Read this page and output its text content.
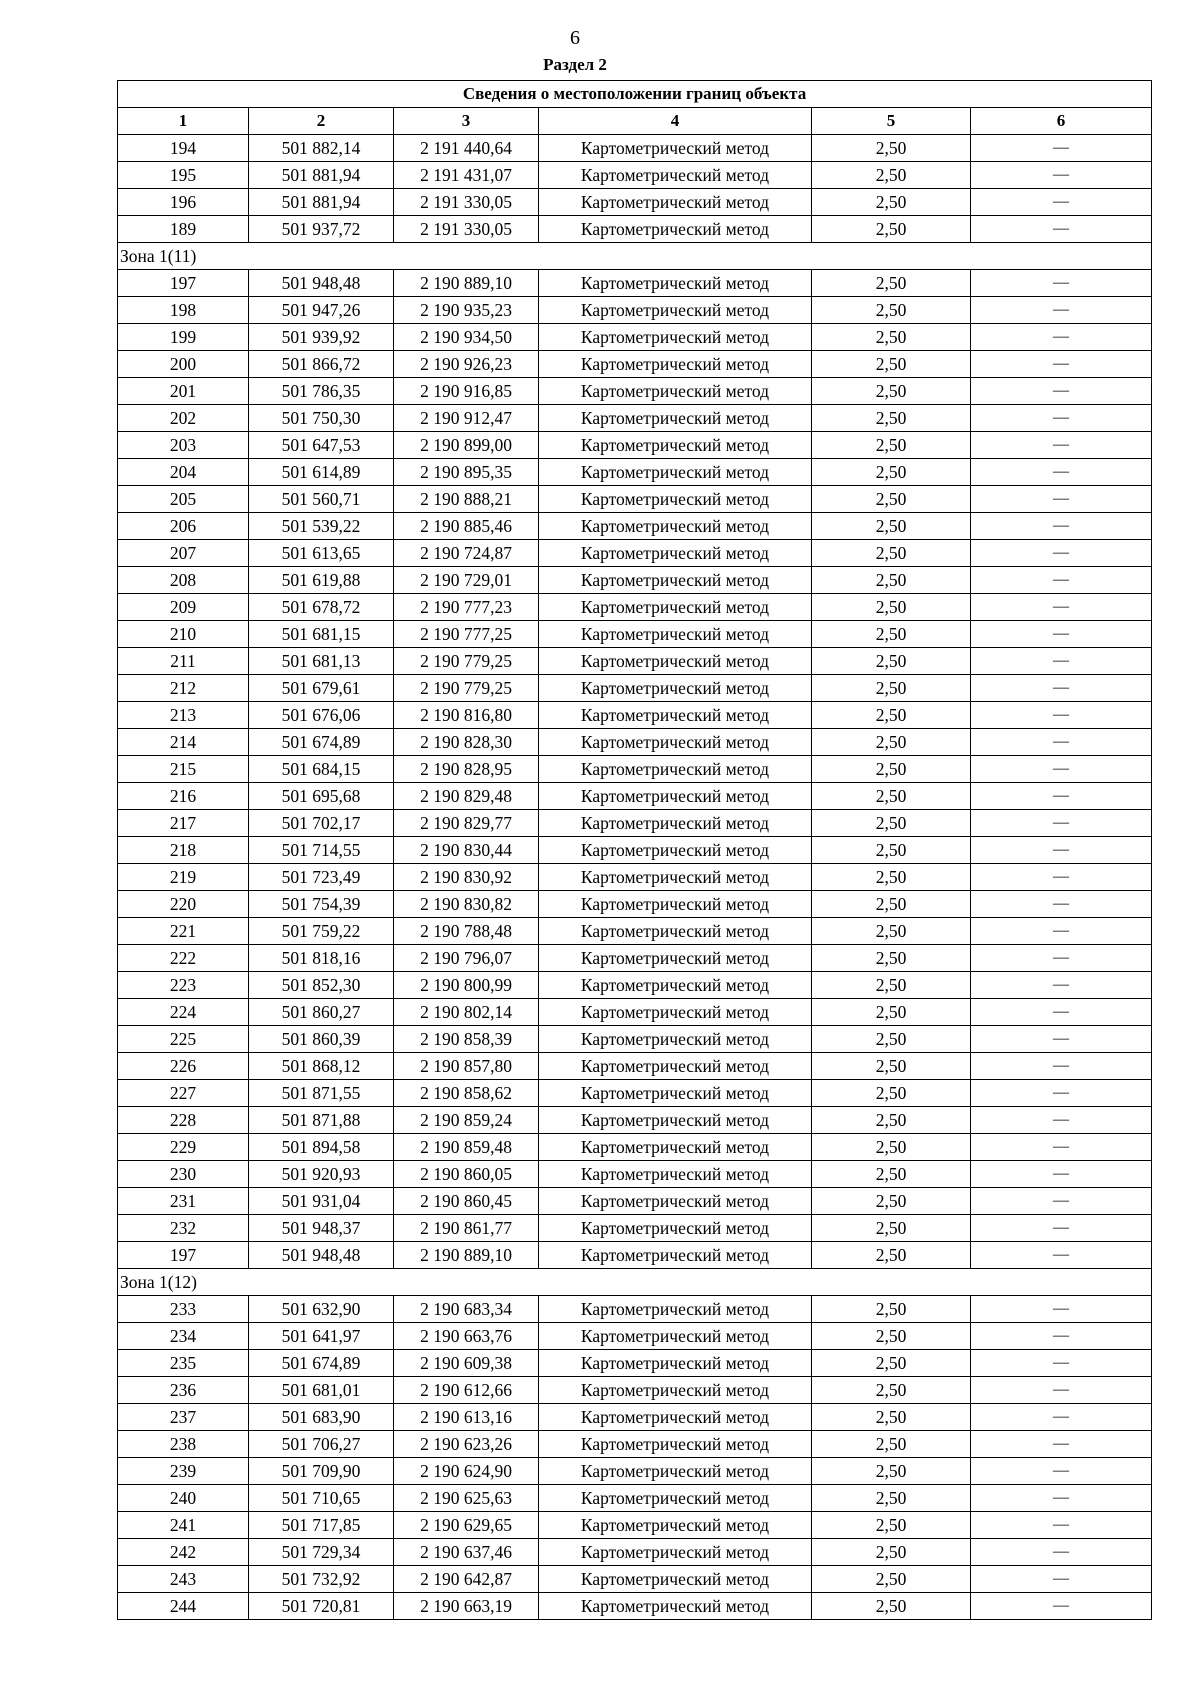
6
Раздел 2
Сведения о местоположении границ объекта					
1	2	3	4	5	6
194	501 882,14	2 191 440,64	Картометрический метод	2,50	—
195	501 881,94	2 191 431,07	Картометрический метод	2,50	—
196	501 881,94	2 191 330,05	Картометрический метод	2,50	—
189	501 937,72	2 191 330,05	Картометрический метод	2,50	—
Зона 1(11)					
197	501 948,48	2 190 889,10	Картометрический метод	2,50	—
198	501 947,26	2 190 935,23	Картометрический метод	2,50	—
199	501 939,92	2 190 934,50	Картометрический метод	2,50	—
200	501 866,72	2 190 926,23	Картометрический метод	2,50	—
201	501 786,35	2 190 916,85	Картометрический метод	2,50	—
202	501 750,30	2 190 912,47	Картометрический метод	2,50	—
203	501 647,53	2 190 899,00	Картометрический метод	2,50	—
204	501 614,89	2 190 895,35	Картометрический метод	2,50	—
205	501 560,71	2 190 888,21	Картометрический метод	2,50	—
206	501 539,22	2 190 885,46	Картометрический метод	2,50	—
207	501 613,65	2 190 724,87	Картометрический метод	2,50	—
208	501 619,88	2 190 729,01	Картометрический метод	2,50	—
209	501 678,72	2 190 777,23	Картометрический метод	2,50	—
210	501 681,15	2 190 777,25	Картометрический метод	2,50	—
211	501 681,13	2 190 779,25	Картометрический метод	2,50	—
212	501 679,61	2 190 779,25	Картометрический метод	2,50	—
213	501 676,06	2 190 816,80	Картометрический метод	2,50	—
214	501 674,89	2 190 828,30	Картометрический метод	2,50	—
215	501 684,15	2 190 828,95	Картометрический метод	2,50	—
216	501 695,68	2 190 829,48	Картометрический метод	2,50	—
217	501 702,17	2 190 829,77	Картометрический метод	2,50	—
218	501 714,55	2 190 830,44	Картометрический метод	2,50	—
219	501 723,49	2 190 830,92	Картометрический метод	2,50	—
220	501 754,39	2 190 830,82	Картометрический метод	2,50	—
221	501 759,22	2 190 788,48	Картометрический метод	2,50	—
222	501 818,16	2 190 796,07	Картометрический метод	2,50	—
223	501 852,30	2 190 800,99	Картометрический метод	2,50	—
224	501 860,27	2 190 802,14	Картометрический метод	2,50	—
225	501 860,39	2 190 858,39	Картометрический метод	2,50	—
226	501 868,12	2 190 857,80	Картометрический метод	2,50	—
227	501 871,55	2 190 858,62	Картометрический метод	2,50	—
228	501 871,88	2 190 859,24	Картометрический метод	2,50	—
229	501 894,58	2 190 859,48	Картометрический метод	2,50	—
230	501 920,93	2 190 860,05	Картометрический метод	2,50	—
231	501 931,04	2 190 860,45	Картометрический метод	2,50	—
232	501 948,37	2 190 861,77	Картометрический метод	2,50	—
197	501 948,48	2 190 889,10	Картометрический метод	2,50	—
Зона 1(12)					
233	501 632,90	2 190 683,34	Картометрический метод	2,50	—
234	501 641,97	2 190 663,76	Картометрический метод	2,50	—
235	501 674,89	2 190 609,38	Картометрический метод	2,50	—
236	501 681,01	2 190 612,66	Картометрический метод	2,50	—
237	501 683,90	2 190 613,16	Картометрический метод	2,50	—
238	501 706,27	2 190 623,26	Картометрический метод	2,50	—
239	501 709,90	2 190 624,90	Картометрический метод	2,50	—
240	501 710,65	2 190 625,63	Картометрический метод	2,50	—
241	501 717,85	2 190 629,65	Картометрический метод	2,50	—
242	501 729,34	2 190 637,46	Картометрический метод	2,50	—
243	501 732,92	2 190 642,87	Картометрический метод	2,50	—
244	501 720,81	2 190 663,19	Картометрический метод	2,50	—
